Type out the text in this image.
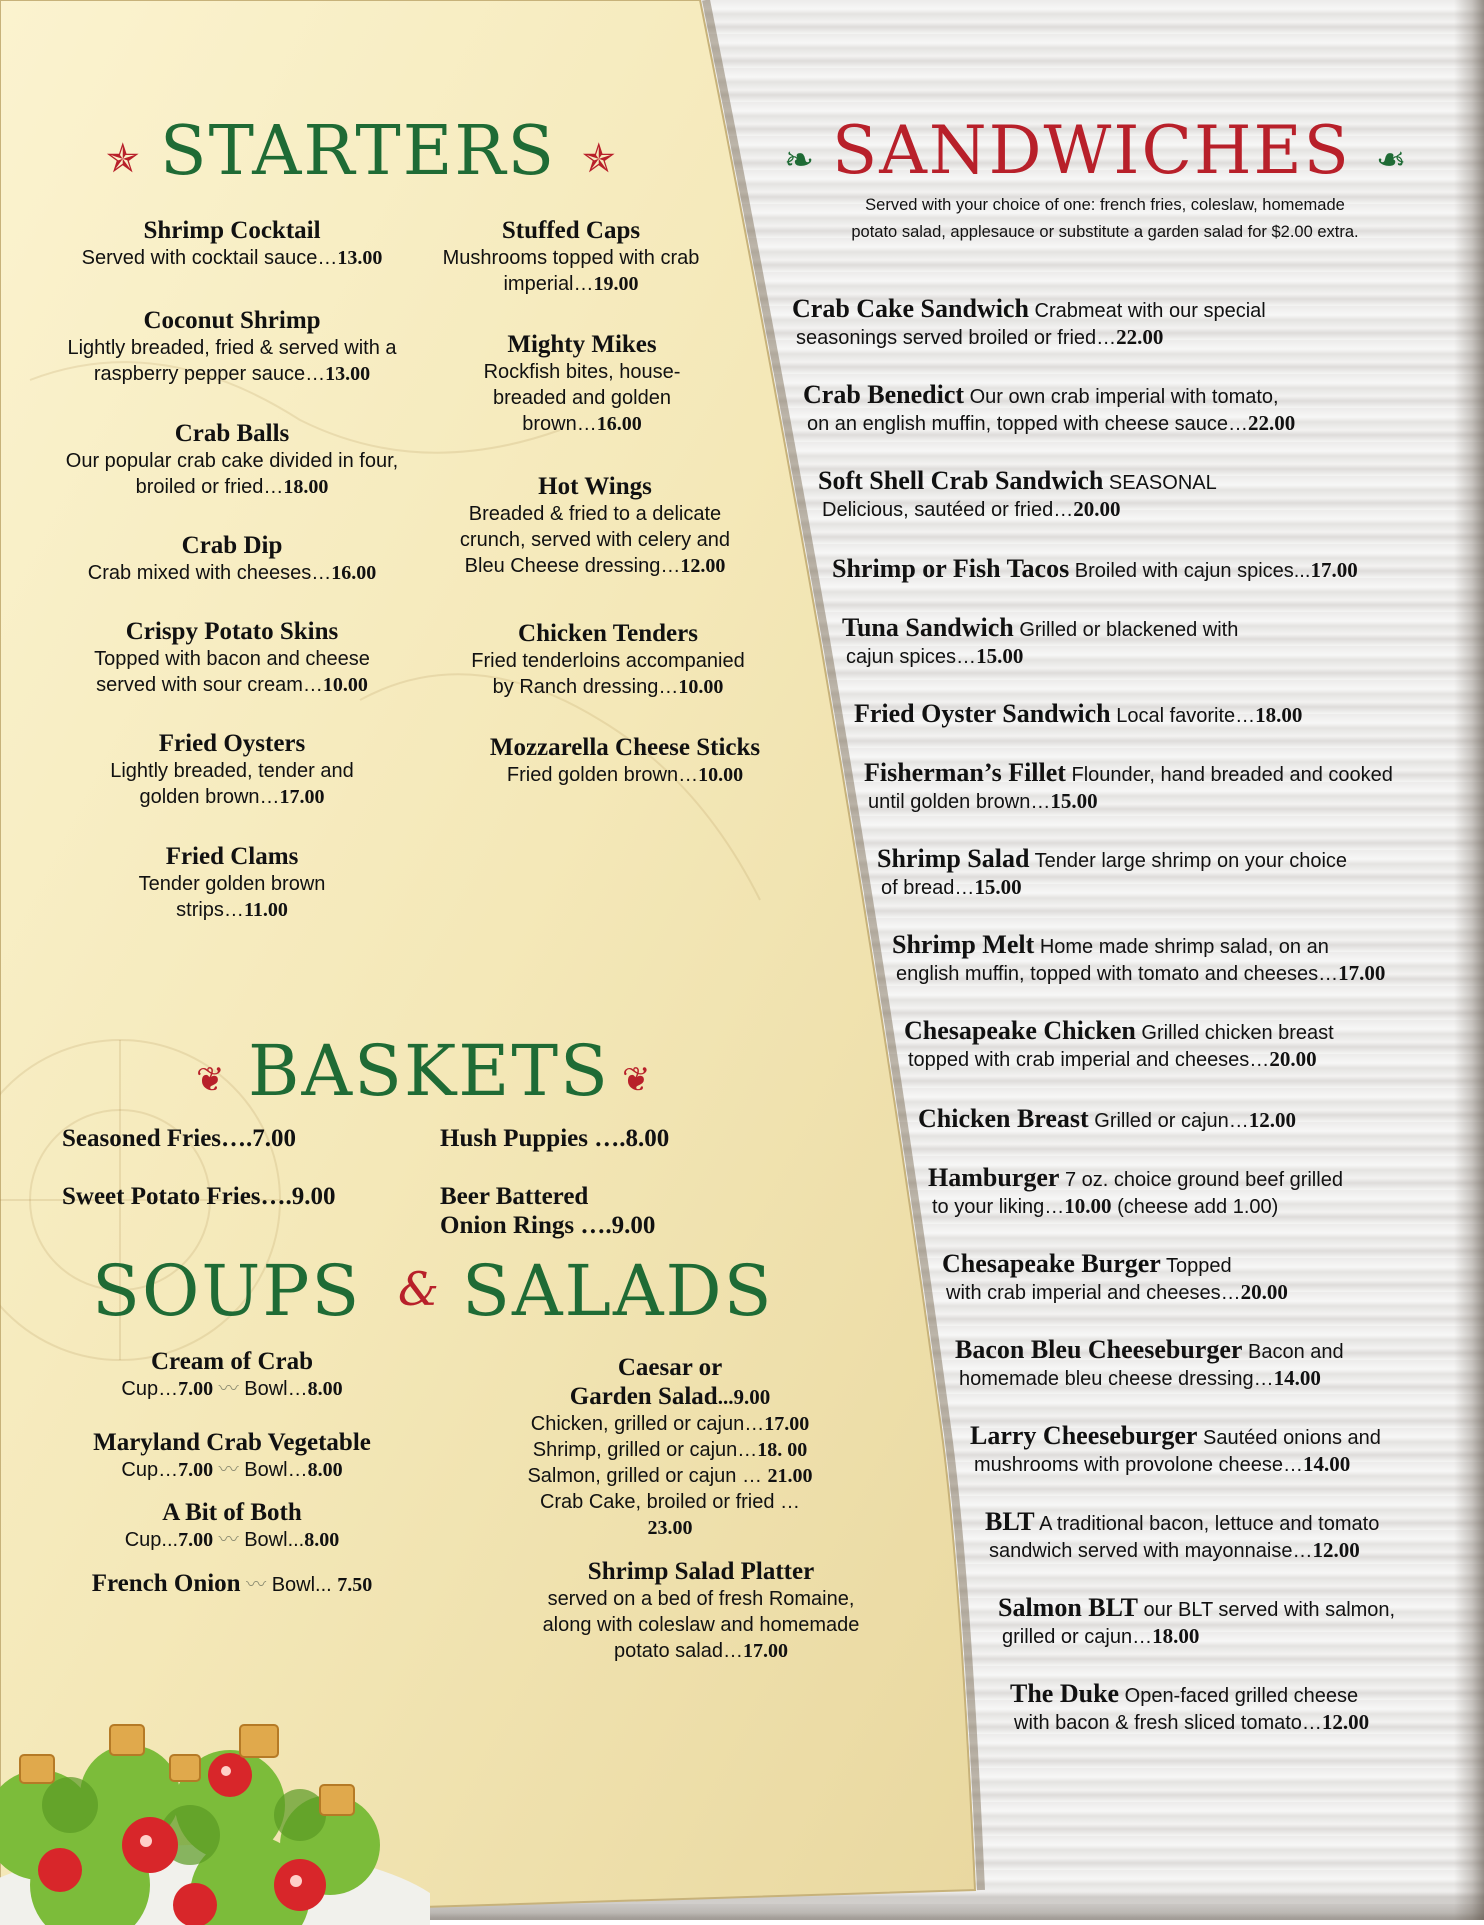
✯ STARTERS ✯
Shrimp Cocktail
Served with cocktail sauce…13.00
Coconut Shrimp
Lightly breaded, fried & served with a raspberry pepper sauce…13.00
Crab Balls
Our popular crab cake divided in four, broiled or fried…18.00
Crab Dip
Crab mixed with cheeses…16.00
Crispy Potato Skins
Topped with bacon and cheese served with sour cream…10.00
Fried Oysters
Lightly breaded, tender and golden brown…17.00
Fried Clams
Tender golden brown strips…11.00
Stuffed Caps
Mushrooms topped with crab imperial…19.00
Mighty Mikes
Rockfish bites, house-breaded and golden brown…16.00
Hot Wings
Breaded & fried to a delicate crunch, served with celery and Bleu Cheese dressing…12.00
Chicken Tenders
Fried tenderloins accompanied by Ranch dressing…10.00
Mozzarella Cheese Sticks
Fried golden brown…10.00
❦ BASKETS ❦
Seasoned Fries….7.00
Sweet Potato Fries….9.00
Hush Puppies ….8.00
Beer Battered
Onion Rings ….9.00
SOUPS & SALADS
Cream of Crab
Cup…7.00 〰 Bowl…8.00
Maryland Crab Vegetable
Cup…7.00 〰 Bowl…8.00
A Bit of Both
Cup...7.00 〰 Bowl...8.00
French Onion 〰 Bowl... 7.50
Caesar or
Garden Salad...9.00
Chicken, grilled or cajun…17.00
Shrimp, grilled or cajun…18. 00
Salmon, grilled or cajun … 21.00
Crab Cake, broiled or fried … 23.00
Shrimp Salad Platter
served on a bed of fresh Romaine, along with coleslaw and homemade potato salad…17.00
❧ SANDWICHES ❧
Served with your choice of one: french fries, coleslaw, homemade
potato salad, applesauce or substitute a garden salad for $2.00 extra.
Crab Cake Sandwich Crabmeat with our special
seasonings served broiled or fried…22.00
Crab Benedict Our own crab imperial with tomato,
on an english muffin, topped with cheese sauce…22.00
Soft Shell Crab Sandwich SEASONAL
Delicious, sautéed or fried…20.00
Shrimp or Fish Tacos Broiled with cajun spices...17.00
Tuna Sandwich Grilled or blackened with
cajun spices…15.00
Fried Oyster Sandwich Local favorite…18.00
Fisherman’s Fillet Flounder, hand breaded and cooked
until golden brown…15.00
Shrimp Salad Tender large shrimp on your choice
of bread…15.00
Shrimp Melt Home made shrimp salad, on an
english muffin, topped with tomato and cheeses…17.00
Chesapeake Chicken Grilled chicken breast
topped with crab imperial and cheeses…20.00
Chicken Breast Grilled or cajun…12.00
Hamburger 7 oz. choice ground beef grilled
to your liking…10.00 (cheese add 1.00)
Chesapeake Burger Topped
with crab imperial and cheeses…20.00
Bacon Bleu Cheeseburger Bacon and
homemade bleu cheese dressing…14.00
Larry Cheeseburger Sautéed onions and
mushrooms with provolone cheese…14.00
BLT A traditional bacon, lettuce and tomato
sandwich served with mayonnaise…12.00
Salmon BLT our BLT served with salmon,
grilled or cajun…18.00
The Duke Open-faced grilled cheese
with bacon & fresh sliced tomato…12.00
